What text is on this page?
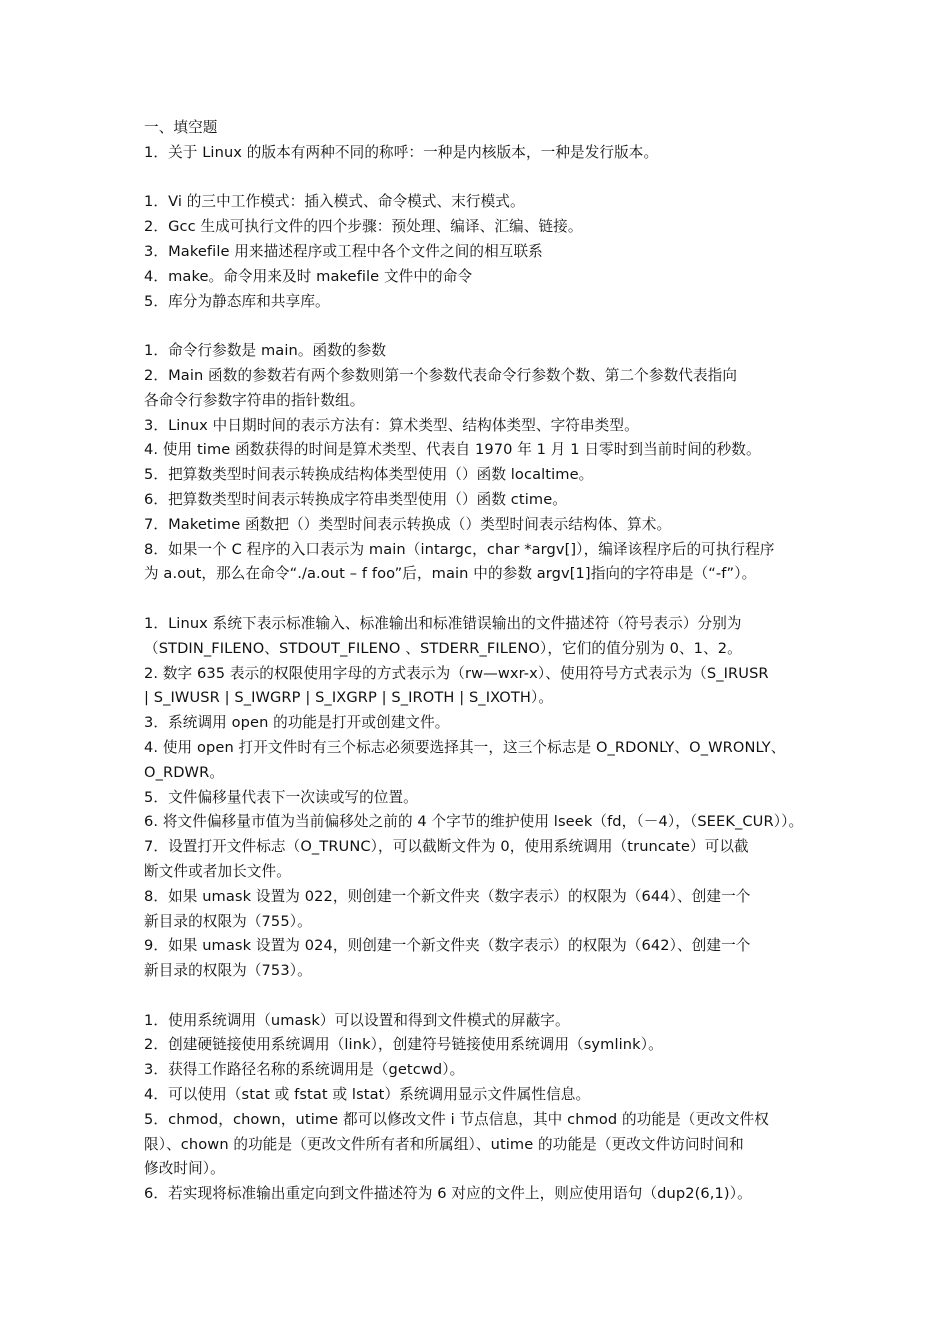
一、填空题
1．关于 Linux 的版本有两种不同的称呼：一种是内核版本，一种是发行版本。
1．Vi 的三中工作模式：插入模式、命令模式、末行模式。
2．Gcc 生成可执行文件的四个步骤：预处理、编译、汇编、链接。
3．Makefile 用来描述程序或工程中各个文件之间的相互联系
4．make。命令用来及时 makefile 文件中的命令
5．库分为静态库和共享库。
1．命令行参数是 main。函数的参数
2．Main 函数的参数若有两个参数则第一个参数代表命令行参数个数、第二个参数代表指向
各命令行参数字符串的指针数组。
3．Linux 中日期时间的表示方法有：算术类型、结构体类型、字符串类型。
4. 使用 time 函数获得的时间是算术类型、代表自 1970 年 1 月 1 日零时到当前时间的秒数。
5．把算数类型时间表示转换成结构体类型使用（）函数 localtime。
6．把算数类型时间表示转换成字符串类型使用（）函数 ctime。
7．Maketime 函数把（）类型时间表示转换成（）类型时间表示结构体、算术。
8．如果一个 C 程序的入口表示为 main（intargc，char *argv[]），编译该程序后的可执行程序
为 a.out，那么在命令“./a.out – f foo”后，main 中的参数 argv[1]指向的字符串是（“-f”）。
1．Linux 系统下表示标准输入、标准输出和标准错误输出的文件描述符（符号表示）分别为
（STDIN_FILENO、STDOUT_FILENO 、STDERR_FILENO），它们的值分别为 0、1、2。
2. 数字 635 表示的权限使用字母的方式表示为（rw—wxr-x）、使用符号方式表示为（S_IRUSR
| S_IWUSR | S_IWGRP | S_IXGRP | S_IROTH | S_IXOTH）。
3．系统调用 open 的功能是打开或创建文件。
4. 使用 open 打开文件时有三个标志必须要选择其一，这三个标志是 O_RDONLY、O_WRONLY、
O_RDWR。
5．文件偏移量代表下一次读或写的位置。
6. 将文件偏移量市值为当前偏移处之前的 4 个字节的维护使用 lseek（fd，（－4），（SEEK_CUR））。
7．设置打开文件标志（O_TRUNC），可以截断文件为 0，使用系统调用（truncate）可以截
断文件或者加长文件。
8．如果 umask 设置为 022，则创建一个新文件夹（数字表示）的权限为（644）、创建一个
新目录的权限为（755）。
9．如果 umask 设置为 024，则创建一个新文件夹（数字表示）的权限为（642）、创建一个
新目录的权限为（753）。
1．使用系统调用（umask）可以设置和得到文件模式的屏蔽字。
2．创建硬链接使用系统调用（link），创建符号链接使用系统调用（symlink）。
3．获得工作路径名称的系统调用是（getcwd）。
4．可以使用（stat 或 fstat 或 lstat）系统调用显示文件属性信息。
5．chmod，chown，utime 都可以修改文件 i 节点信息，其中 chmod 的功能是（更改文件权
限）、chown 的功能是（更改文件所有者和所属组）、utime 的功能是（更改文件访问时间和
修改时间）。
6．若实现将标准输出重定向到文件描述符为 6 对应的文件上，则应使用语句（dup2(6,1)）。
